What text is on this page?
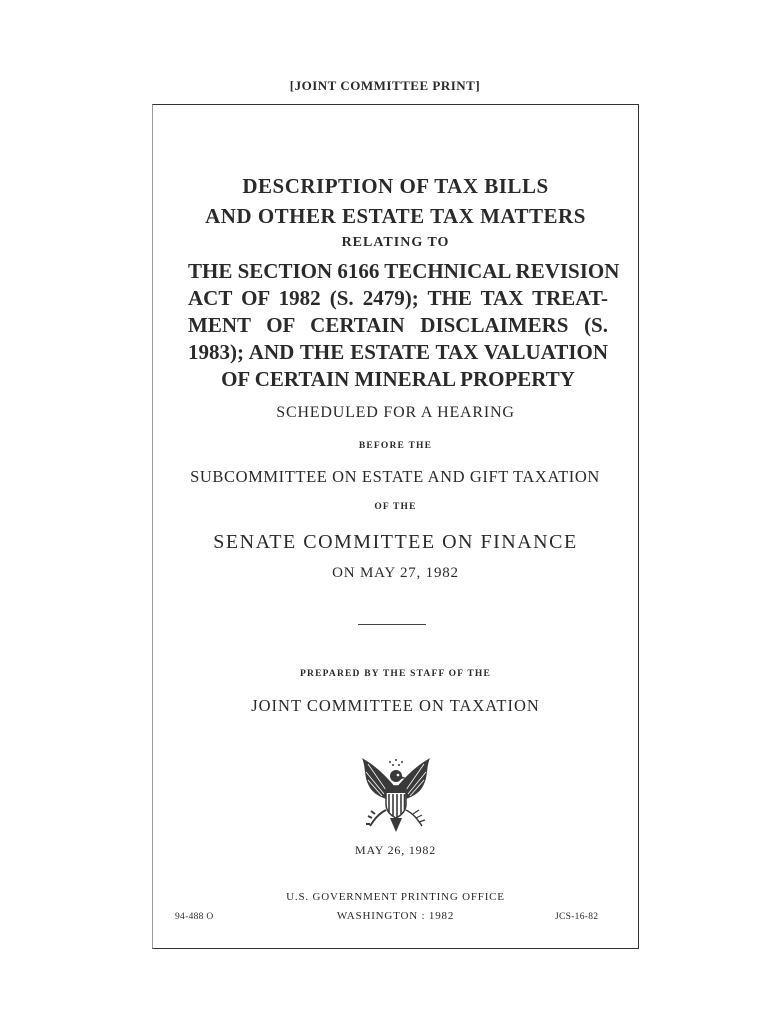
[JOINT COMMITTEE PRINT]
DESCRIPTION OF TAX BILLS
AND OTHER ESTATE TAX MATTERS
RELATING TO
THE SECTION 6166 TECHNICAL REVISION
ACT OF 1982 (S. 2479); THE TAX TREAT-
MENT OF CERTAIN DISCLAIMERS (S.
1983); AND THE ESTATE TAX VALUATION
OF CERTAIN MINERAL PROPERTY
SCHEDULED FOR A HEARING
BEFORE THE
SUBCOMMITTEE ON ESTATE AND GIFT TAXATION
OF THE
SENATE COMMITTEE ON FINANCE
ON MAY 27, 1982
PREPARED BY THE STAFF OF THE
JOINT COMMITTEE ON TAXATION
MAY 26, 1982
U.S. GOVERNMENT PRINTING OFFICE
WASHINGTON : 1982
94-488 O	JCS-16-82
